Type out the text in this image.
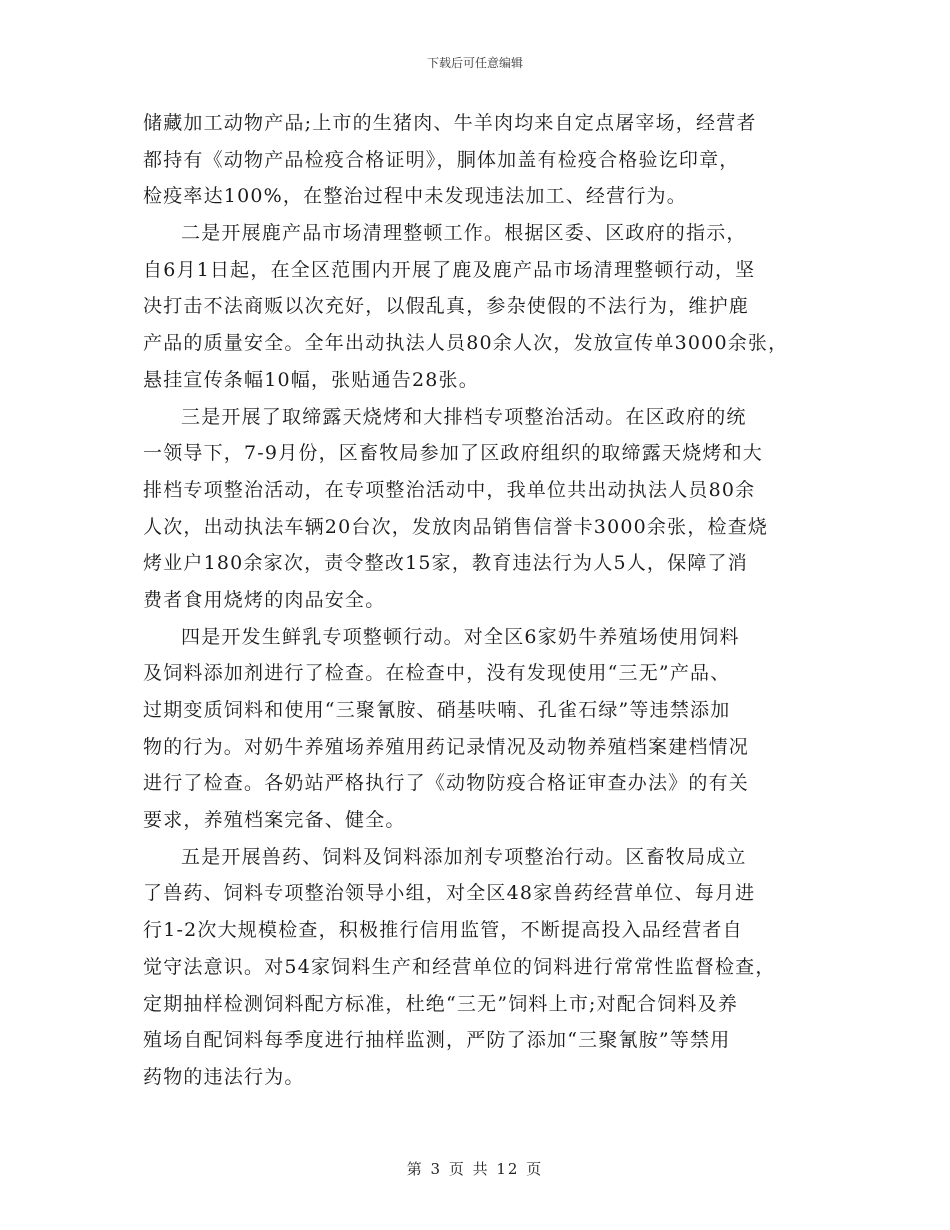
下载后可任意编辑
储藏加工动物产品;上市的生猪肉、牛羊肉均来自定点屠宰场，经营者
都持有《动物产品检疫合格证明》，胴体加盖有检疫合格验讫印章，
检疫率达100%，在整治过程中未发现违法加工、经营行为。
二是开展鹿产品市场清理整顿工作。根据区委、区政府的指示，
自6月1日起，在全区范围内开展了鹿及鹿产品市场清理整顿行动，坚
决打击不法商贩以次充好，以假乱真，参杂使假的不法行为，维护鹿
产品的质量安全。全年出动执法人员80余人次，发放宣传单3000余张，
悬挂宣传条幅10幅，张贴通告28张。
三是开展了取缔露天烧烤和大排档专项整治活动。在区政府的统
一领导下，7-9月份，区畜牧局参加了区政府组织的取缔露天烧烤和大
排档专项整治活动，在专项整治活动中，我单位共出动执法人员80余
人次，出动执法车辆20台次，发放肉品销售信誉卡3000余张，检查烧
烤业户180余家次，责令整改15家，教育违法行为人5人，保障了消
费者食用烧烤的肉品安全。
四是开发生鲜乳专项整顿行动。对全区6家奶牛养殖场使用饲料
及饲料添加剂进行了检查。在检查中，没有发现使用“三无”产品、
过期变质饲料和使用“三聚氰胺、硝基呋喃、孔雀石绿”等违禁添加
物的行为。对奶牛养殖场养殖用药记录情况及动物养殖档案建档情况
进行了检查。各奶站严格执行了《动物防疫合格证审查办法》的有关
要求，养殖档案完备、健全。
五是开展兽药、饲料及饲料添加剂专项整治行动。区畜牧局成立
了兽药、饲料专项整治领导小组，对全区48家兽药经营单位、每月进
行1-2次大规模检查，积极推行信用监管，不断提高投入品经营者自
觉守法意识。对54家饲料生产和经营单位的饲料进行常常性监督检查，
定期抽样检测饲料配方标准，杜绝“三无”饲料上市;对配合饲料及养
殖场自配饲料每季度进行抽样监测，严防了添加“三聚氰胺”等禁用
药物的违法行为。
第 3 页 共 12 页
